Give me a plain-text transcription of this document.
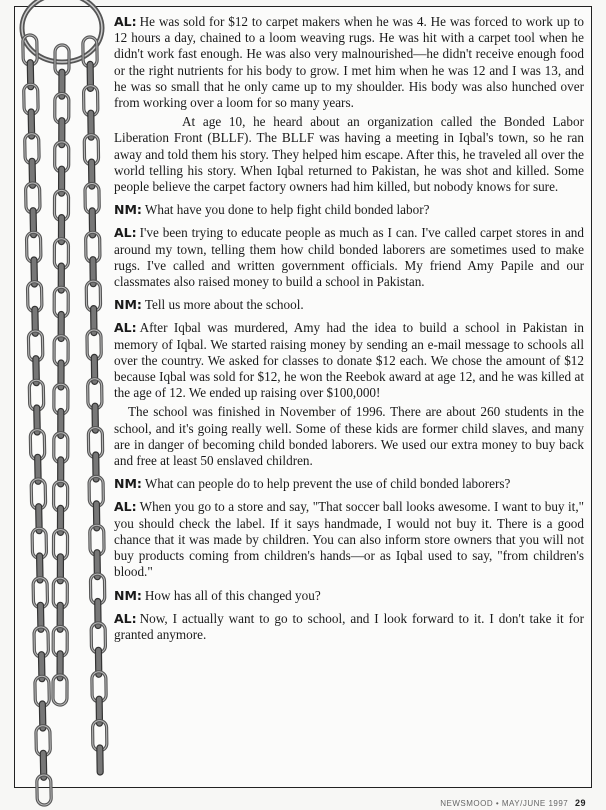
AL: He was sold for $12 to carpet makers when he was 4. He was forced to work up to 12 hours a day, chained to a loom weaving rugs. He was hit with a carpet tool when he didn't work fast enough. He was also very malnourished—he didn't receive enough food or the right nutrients for his body to grow. I met him when he was 12 and I was 13, and he was so small that he only came up to my shoulder. His body was also hunched over from working over a loom for so many years.

At age 10, he heard about an organization called the Bonded Labor Liberation Front (BLLF). The BLLF was having a meeting in Iqbal's town, so he ran away and told them his story. They helped him escape. After this, he traveled all over the world telling his story. When Iqbal returned to Pakistan, he was shot and killed. Some people believe the carpet factory owners had him killed, but nobody knows for sure.

NM: What have you done to help fight child bonded labor?

AL: I've been trying to educate people as much as I can. I've called carpet stores in and around my town, telling them how child bonded laborers are sometimes used to make rugs. I've called and written government officials. My friend Amy Papile and our classmates also raised money to build a school in Pakistan.

NM: Tell us more about the school.

AL: After Iqbal was murdered, Amy had the idea to build a school in Pakistan in memory of Iqbal. We started raising money by sending an e-mail message to schools all over the country. We asked for classes to donate $12 each. We chose the amount of $12 because Iqbal was sold for $12, he won the Reebok award at age 12, and he was killed at the age of 12. We ended up raising over $100,000!

The school was finished in November of 1996. There are about 260 students in the school, and it's going really well. Some of these kids are former child slaves, and many are in danger of becoming child bonded laborers. We used our extra money to buy back and free at least 50 enslaved children.

NM: What can people do to help prevent the use of child bonded laborers?

AL: When you go to a store and say, "That soccer ball looks awesome. I want to buy it," you should check the label. If it says handmade, I would not buy it. There is a good chance that it was made by children. You can also inform store owners that you will not buy products coming from children's hands—or as Iqbal used to say, "from children's blood."

NM: How has all of this changed you?

AL: Now, I actually want to go to school, and I look forward to it. I don't take it for granted anymore.

NEWSMOOD • MAY/JUNE 1997 29
